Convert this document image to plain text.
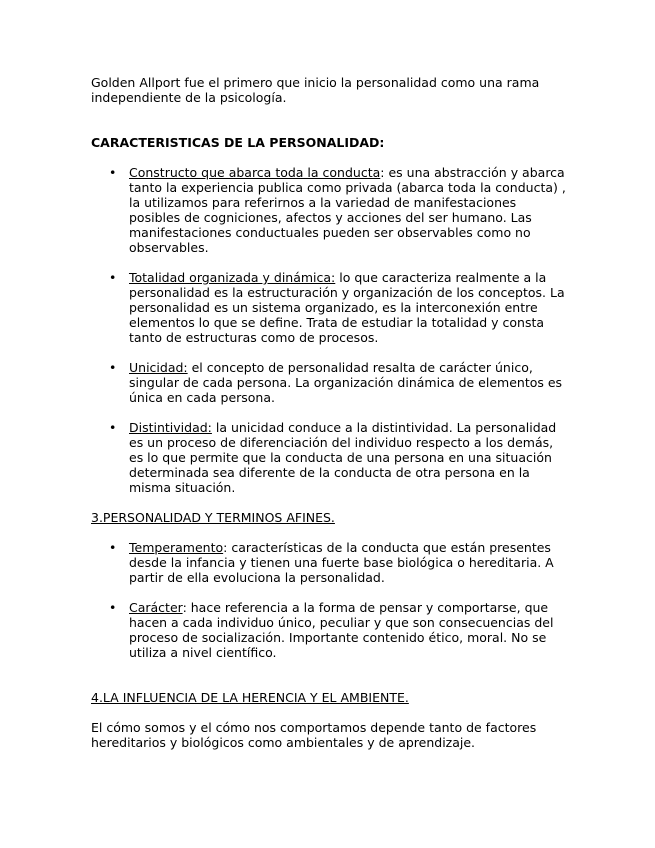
Golden Allport fue el primero que inicio la personalidad como una rama independiente de la psicología.

CARACTERISTICAS DE LA PERSONALIDAD:

• Constructo que abarca toda la conducta: es una abstracción y abarca tanto la experiencia publica como privada (abarca toda la conducta) , la utilizamos para referirnos a la variedad de manifestaciones posibles de cogniciones, afectos y acciones del ser humano. Las manifestaciones conductuales pueden ser observables como no observables.
• Totalidad organizada y dinámica: lo que caracteriza realmente a la personalidad es la estructuración y organización de los conceptos. La personalidad es un sistema organizado, es la interconexión entre elementos lo que se define. Trata de estudiar la totalidad y consta tanto de estructuras como de procesos.
• Unicidad: el concepto de personalidad resalta de carácter único, singular de cada persona. La organización dinámica de elementos es única en cada persona.
• Distintividad: la unicidad conduce a la distintividad. La personalidad es un proceso de diferenciación del individuo respecto a los demás, es lo que permite que la conducta de una persona en una situación determinada sea diferente de la conducta de otra persona en la misma situación.

3.PERSONALIDAD Y TERMINOS AFINES.

• Temperamento: características de la conducta que están presentes desde la infancia y tienen una fuerte base biológica o hereditaria. A partir de ella evoluciona la personalidad.
• Carácter: hace referencia a la forma de pensar y comportarse, que hacen a cada individuo único, peculiar y que son consecuencias del proceso de socialización. Importante contenido ético, moral. No se utiliza a nivel científico.

4.LA INFLUENCIA DE LA HERENCIA Y EL AMBIENTE.

El cómo somos y el cómo nos comportamos depende tanto de factores hereditarios y biológicos como ambientales y de aprendizaje.
